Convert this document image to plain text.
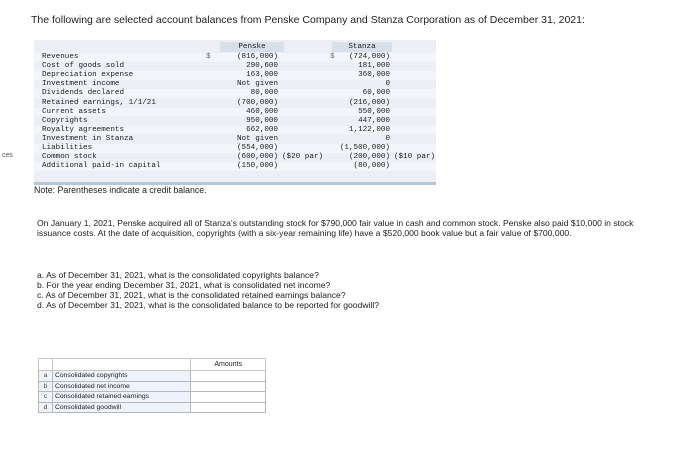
ces
The following are selected account balances from Penske Company and Stanza Corporation as of December 31, 2021:
Penske	Stanza
$	$
Revenues	(816,000)	(724,000)
Cost of goods sold	290,600	181,000
Depreciation expense	163,000	360,000
Investment income	Not given	0
Dividends declared	80,000	60,000
Retained earnings, 1/1/21	(700,000)	(216,000)
Current assets	460,000	550,000
Copyrights	950,000	447,000
Royalty agreements	662,000	1,122,000
Investment in Stanza	Not given	0
Liabilities	(554,000)	(1,500,000)
Common stock	(600,000) ($20 par)	(200,000) ($10 par)
Additional paid-in capital	(150,000)	(80,000)
Note: Parentheses indicate a credit balance.
On January 1, 2021, Penske acquired all of Stanza's outstanding stock for $790,000 fair value in cash and common stock. Penske also paid $10,000 in stock issuance costs. At the date of acquisition, copyrights (with a six-year remaining life) have a $520,000 book value but a fair value of $700,000.
a. As of December 31, 2021, what is the consolidated copyrights balance?
b. For the year ending December 31, 2021, what is consolidated net income?
c. As of December 31, 2021, what is the consolidated retained earnings balance?
d. As of December 31, 2021, what is the consolidated balance to be reported for goodwill?
		Amounts
a	Consolidated copyrights	
b	Consolidated net income	
c	Consolidated retained earnings	
d	Consolidated goodwill	
